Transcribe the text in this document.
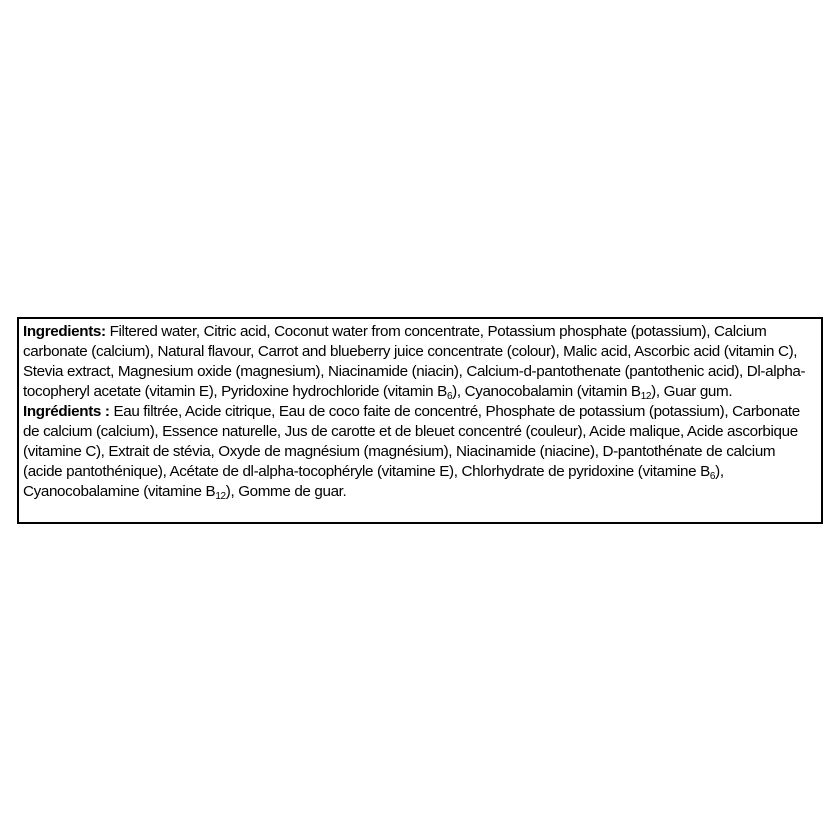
Ingredients: Filtered water, Citric acid, Coconut water from concentrate, Potassium phosphate (potassium), Calcium carbonate (calcium), Natural flavour, Carrot and blueberry juice concentrate (colour), Malic acid, Ascorbic acid (vitamin C), Stevia extract, Magnesium oxide (magnesium), Niacinamide (niacin), Calcium-d-pantothenate (pantothenic acid), Dl-alpha-tocopheryl acetate (vitamin E), Pyridoxine hydrochloride (vitamin $B_6$), Cyanocobalamin (vitamin $B_{12}$), Guar gum.

Ingrédients : Eau filtrée, Acide citrique, Eau de coco faite de concentré, Phosphate de potassium (potassium), Carbonate de calcium (calcium), Essence naturelle, Jus de carotte et de bleuet concentré (couleur), Acide malique, Acide ascorbique (vitamine C), Extrait de stévia, Oxyde de magnésium (magnésium), Niacinamide (niacine), D-pantothénate de calcium (acide pantothénique), Acétate de dl-alpha-tocophéryle (vitamine E), Chlorhydrate de pyridoxine (vitamine $B_6$), Cyanocobalamine (vitamine $B_{12}$), Gomme de guar.
